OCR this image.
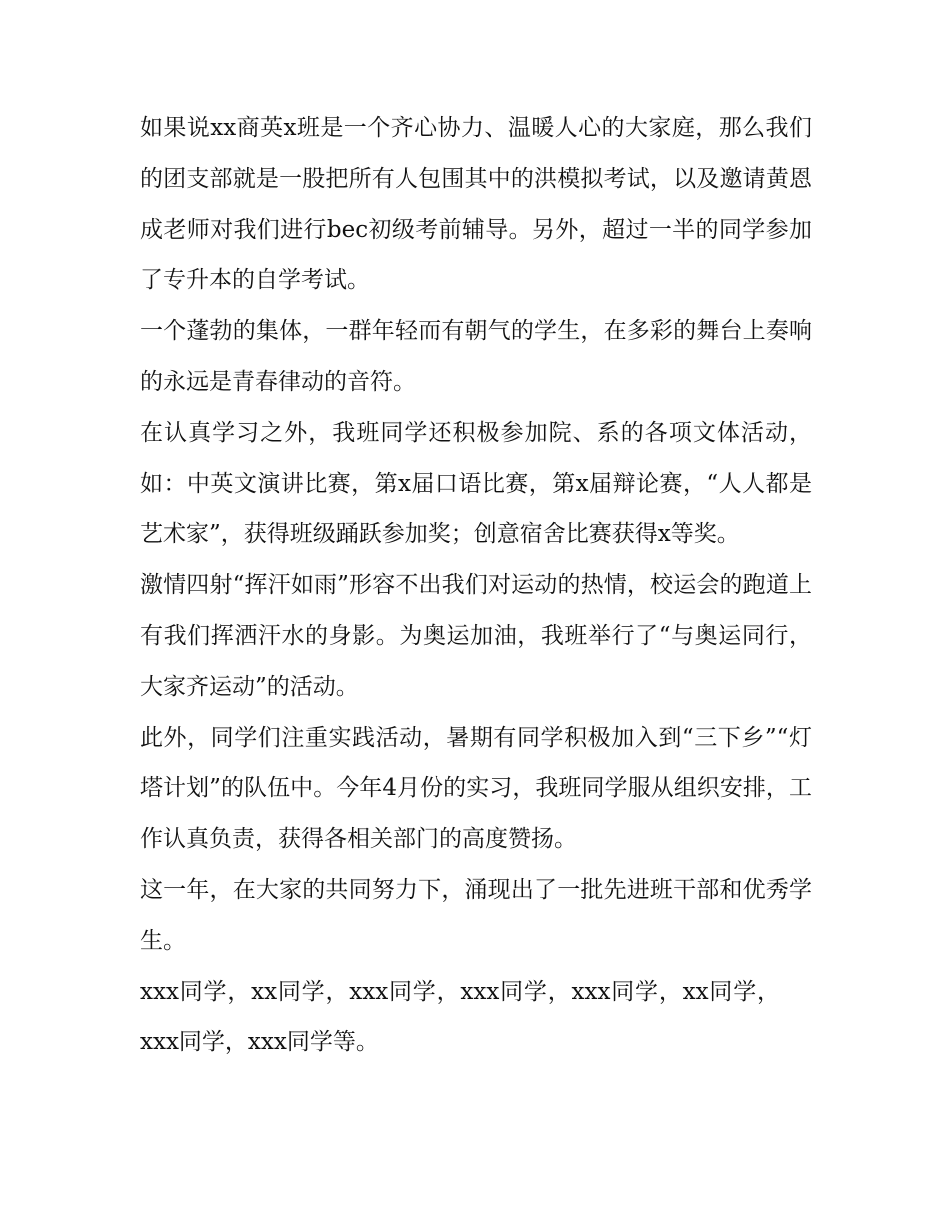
如果说xx商英x班是一个齐心协力、温暖人心的大家庭，那么我们的团支部就是一股把所有人包围其中的洪模拟考试，以及邀请黄恩成老师对我们进行bec初级考前辅导。另外，超过一半的同学参加了专升本的自学考试。

一个蓬勃的集体，一群年轻而有朝气的学生，在多彩的舞台上奏响的永远是青春律动的音符。

在认真学习之外，我班同学还积极参加院、系的各项文体活动，如：中英文演讲比赛，第x届口语比赛，第x届辩论赛，“人人都是艺术家”，获得班级踊跃参加奖；创意宿舍比赛获得x等奖。

激情四射“挥汗如雨”形容不出我们对运动的热情，校运会的跑道上有我们挥洒汗水的身影。为奥运加油，我班举行了“与奥运同行，大家齐运动”的活动。

此外，同学们注重实践活动，暑期有同学积极加入到“三下乡”“灯塔计划”的队伍中。今年4月份的实习，我班同学服从组织安排，工作认真负责，获得各相关部门的高度赞扬。

这一年，在大家的共同努力下，涌现出了一批先进班干部和优秀学生。

xxx同学，xx同学，xxx同学，xxx同学，xxx同学，xx同学，xxx同学，xxx同学等。
